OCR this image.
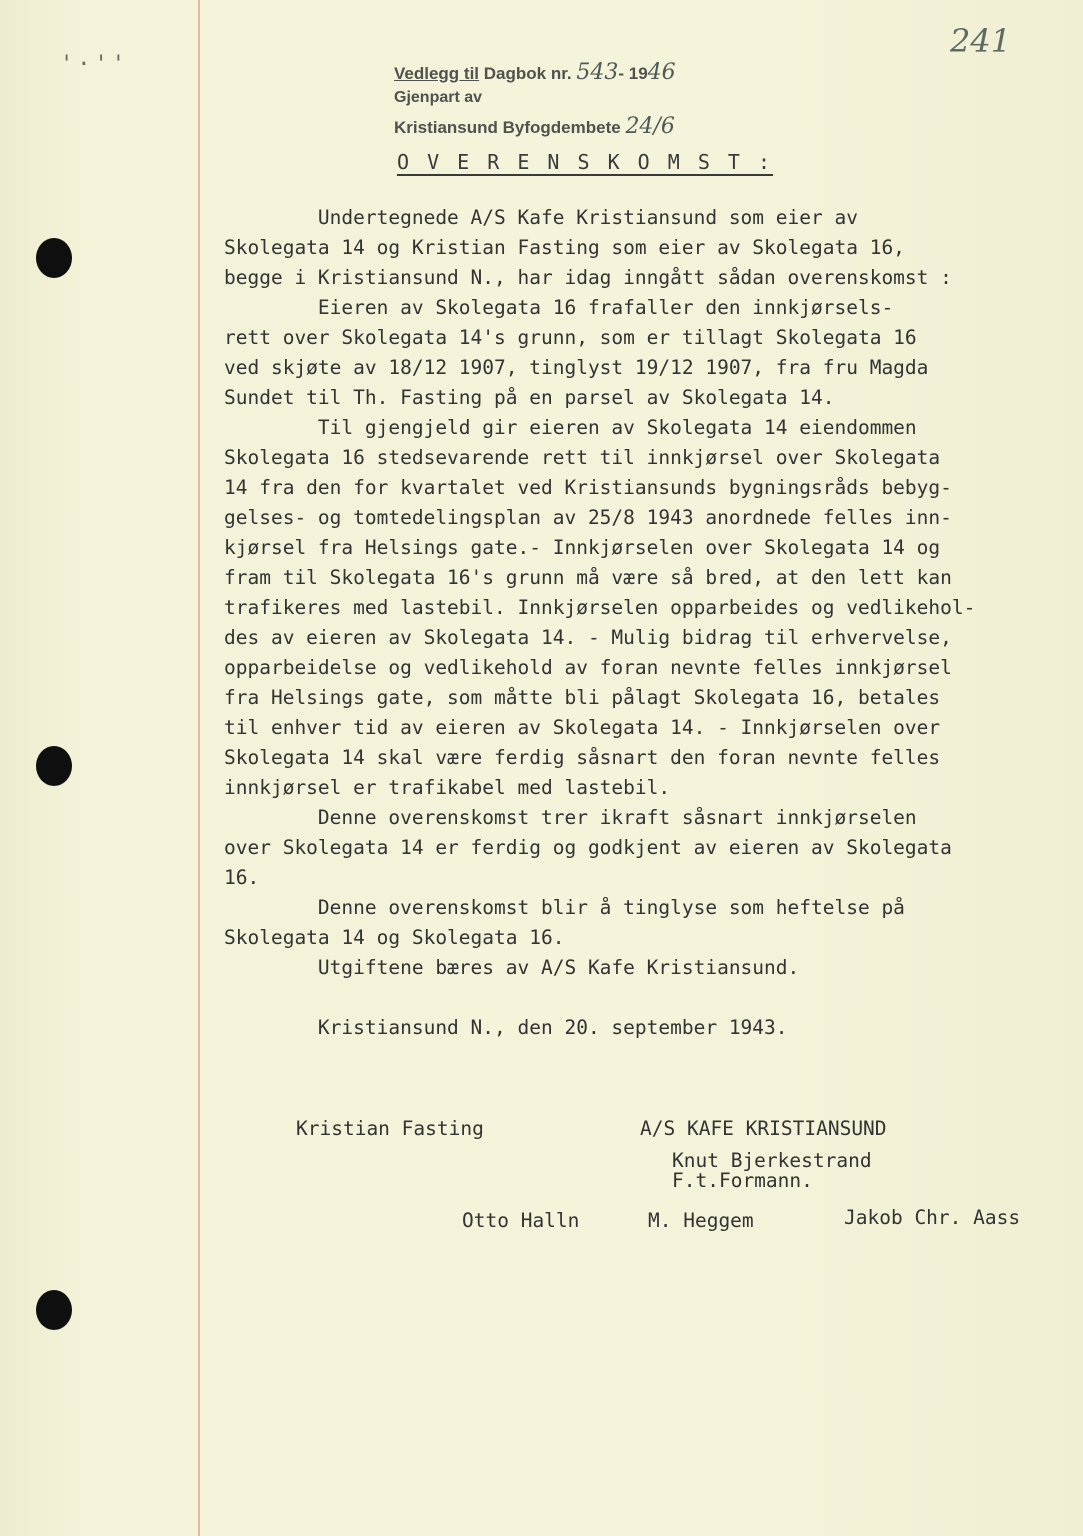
'·''
241
Vedlegg til Dagbok nr. 543- 1946
Gjenpart av
Kristiansund Byfogdembete 24/6
O V E R E N S K O M S T :
Undertegnede A/S Kafe Kristiansund som eier av
Skolegata 14 og Kristian Fasting som eier av Skolegata 16,
begge i Kristiansund N., har idag inngått sådan overenskomst :
Eieren av Skolegata 16 frafaller den innkjørsels-
rett over Skolegata 14's grunn, som er tillagt Skolegata 16
ved skjøte av 18/12 1907, tinglyst 19/12 1907, fra fru Magda
Sundet til Th. Fasting på en parsel av Skolegata 14.
Til gjengjeld gir eieren av Skolegata 14 eiendommen
Skolegata 16 stedsevarende rett til innkjørsel over Skolegata
14 fra den for kvartalet ved Kristiansunds bygningsråds bebyg-
gelses- og tomtedelingsplan av 25/8 1943 anordnede felles inn-
kjørsel fra Helsings gate.- Innkjørselen over Skolegata 14 og
fram til Skolegata 16's grunn må være så bred, at den lett kan
trafikeres med lastebil. Innkjørselen opparbeides og vedlikehol-
des av eieren av Skolegata 14. - Mulig bidrag til erhvervelse,
opparbeidelse og vedlikehold av foran nevnte felles innkjørsel
fra Helsings gate, som måtte bli pålagt Skolegata 16, betales
til enhver tid av eieren av Skolegata 14. - Innkjørselen over
Skolegata 14 skal være ferdig såsnart den foran nevnte felles
innkjørsel er trafikabel med lastebil.
Denne overenskomst trer ikraft såsnart innkjørselen
over Skolegata 14 er ferdig og godkjent av eieren av Skolegata
16.
Denne overenskomst blir å tinglyse som heftelse på
Skolegata 14 og Skolegata 16.
Utgiftene bæres av A/S Kafe Kristiansund.

Kristiansund N., den 20. september 1943.
Kristian Fasting	A/S KAFE KRISTIANSUND
Knut Bjerkestrand
F.t.Formann.
Otto Halln	M. Heggem	Jakob Chr. Aass
